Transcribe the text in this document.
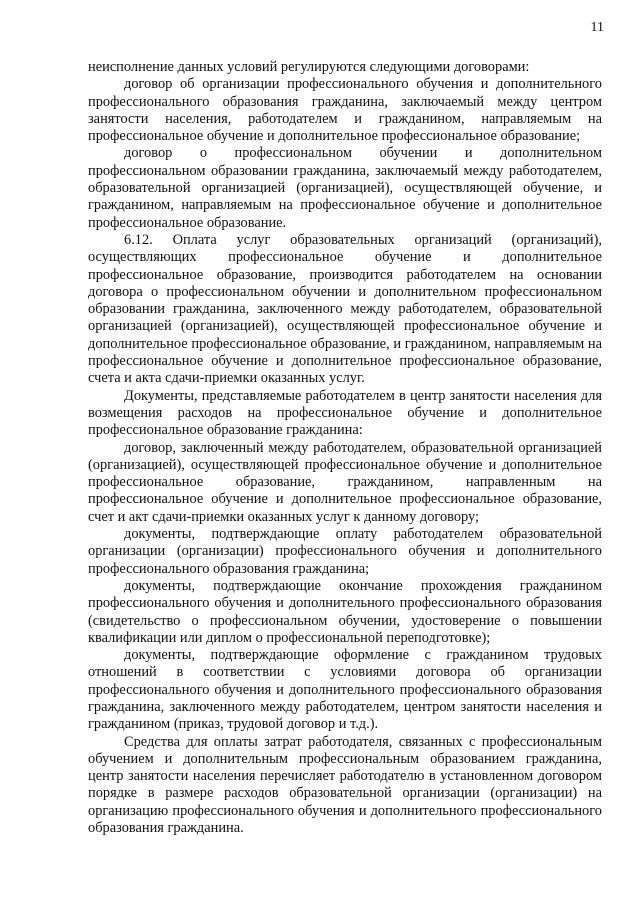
11

неисполнение данных условий регулируются следующими договорами:

договор об организации профессионального обучения и дополнительного профессионального образования гражданина, заключаемый между центром занятости населения, работодателем и гражданином, направляемым на профессиональное обучение и дополнительное профессиональное образование;

договор о профессиональном обучении и дополнительном профессиональном образовании гражданина, заключаемый между работодателем, образовательной организацией (организацией), осуществляющей обучение, и гражданином, направляемым на профессиональное обучение и дополнительное профессиональное образование.

6.12. Оплата услуг образовательных организаций (организаций), осуществляющих профессиональное обучение и дополнительное профессиональное образование, производится работодателем на основании договора о профессиональном обучении и дополнительном профессиональном образовании гражданина, заключенного между работодателем, образовательной организацией (организацией), осуществляющей профессиональное обучение и дополнительное профессиональное образование, и гражданином, направляемым на профессиональное обучение и дополнительное профессиональное образование, счета и акта сдачи-приемки оказанных услуг.

Документы, представляемые работодателем в центр занятости населения для возмещения расходов на профессиональное обучение и дополнительное профессиональное образование гражданина:

договор, заключенный между работодателем, образовательной организацией (организацией), осуществляющей профессиональное обучение и дополнительное профессиональное образование, гражданином, направленным на профессиональное обучение и дополнительное профессиональное образование, счет и акт сдачи-приемки оказанных услуг к данному договору;

документы, подтверждающие оплату работодателем образовательной организации (организации) профессионального обучения и дополнительного профессионального образования гражданина;

документы, подтверждающие окончание прохождения гражданином профессионального обучения и дополнительного профессионального образования (свидетельство о профессиональном обучении, удостоверение о повышении квалификации или диплом о профессиональной переподготовке);

документы, подтверждающие оформление с гражданином трудовых отношений в соответствии с условиями договора об организации профессионального обучения и дополнительного профессионального образования гражданина, заключенного между работодателем, центром занятости населения и гражданином (приказ, трудовой договор и т.д.).

Средства для оплаты затрат работодателя, связанных с профессиональным обучением и дополнительным профессиональным образованием гражданина, центр занятости населения перечисляет работодателю в установленном договором порядке в размере расходов образовательной организации (организации) на организацию профессионального обучения и дополнительного профессионального образования гражданина.
